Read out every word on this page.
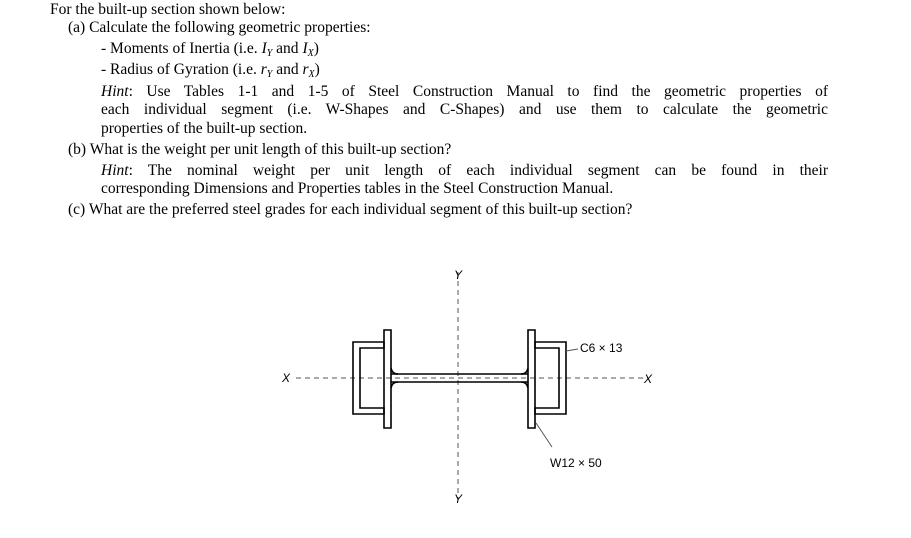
For the built-up section shown below:
(a) Calculate the following geometric properties:
- Moments of Inertia (i.e. $I_Y$ and $I_X$)
- Radius of Gyration (i.e. $r_Y$ and $r_X$)
Hint: Use Tables 1-1 and 1-5 of Steel Construction Manual to find the geometric properties of
each individual segment (i.e. W-Shapes and C-Shapes) and use them to calculate the geometric
properties of the built-up section.
(b) What is the weight per unit length of this built-up section?
Hint: The nominal weight per unit length of each individual segment can be found in their
corresponding Dimensions and Properties tables in the Steel Construction Manual.
(c) What are the preferred steel grades for each individual segment of this built-up section?
C6 × 13
W12 × 50
X	X
Y
Y
